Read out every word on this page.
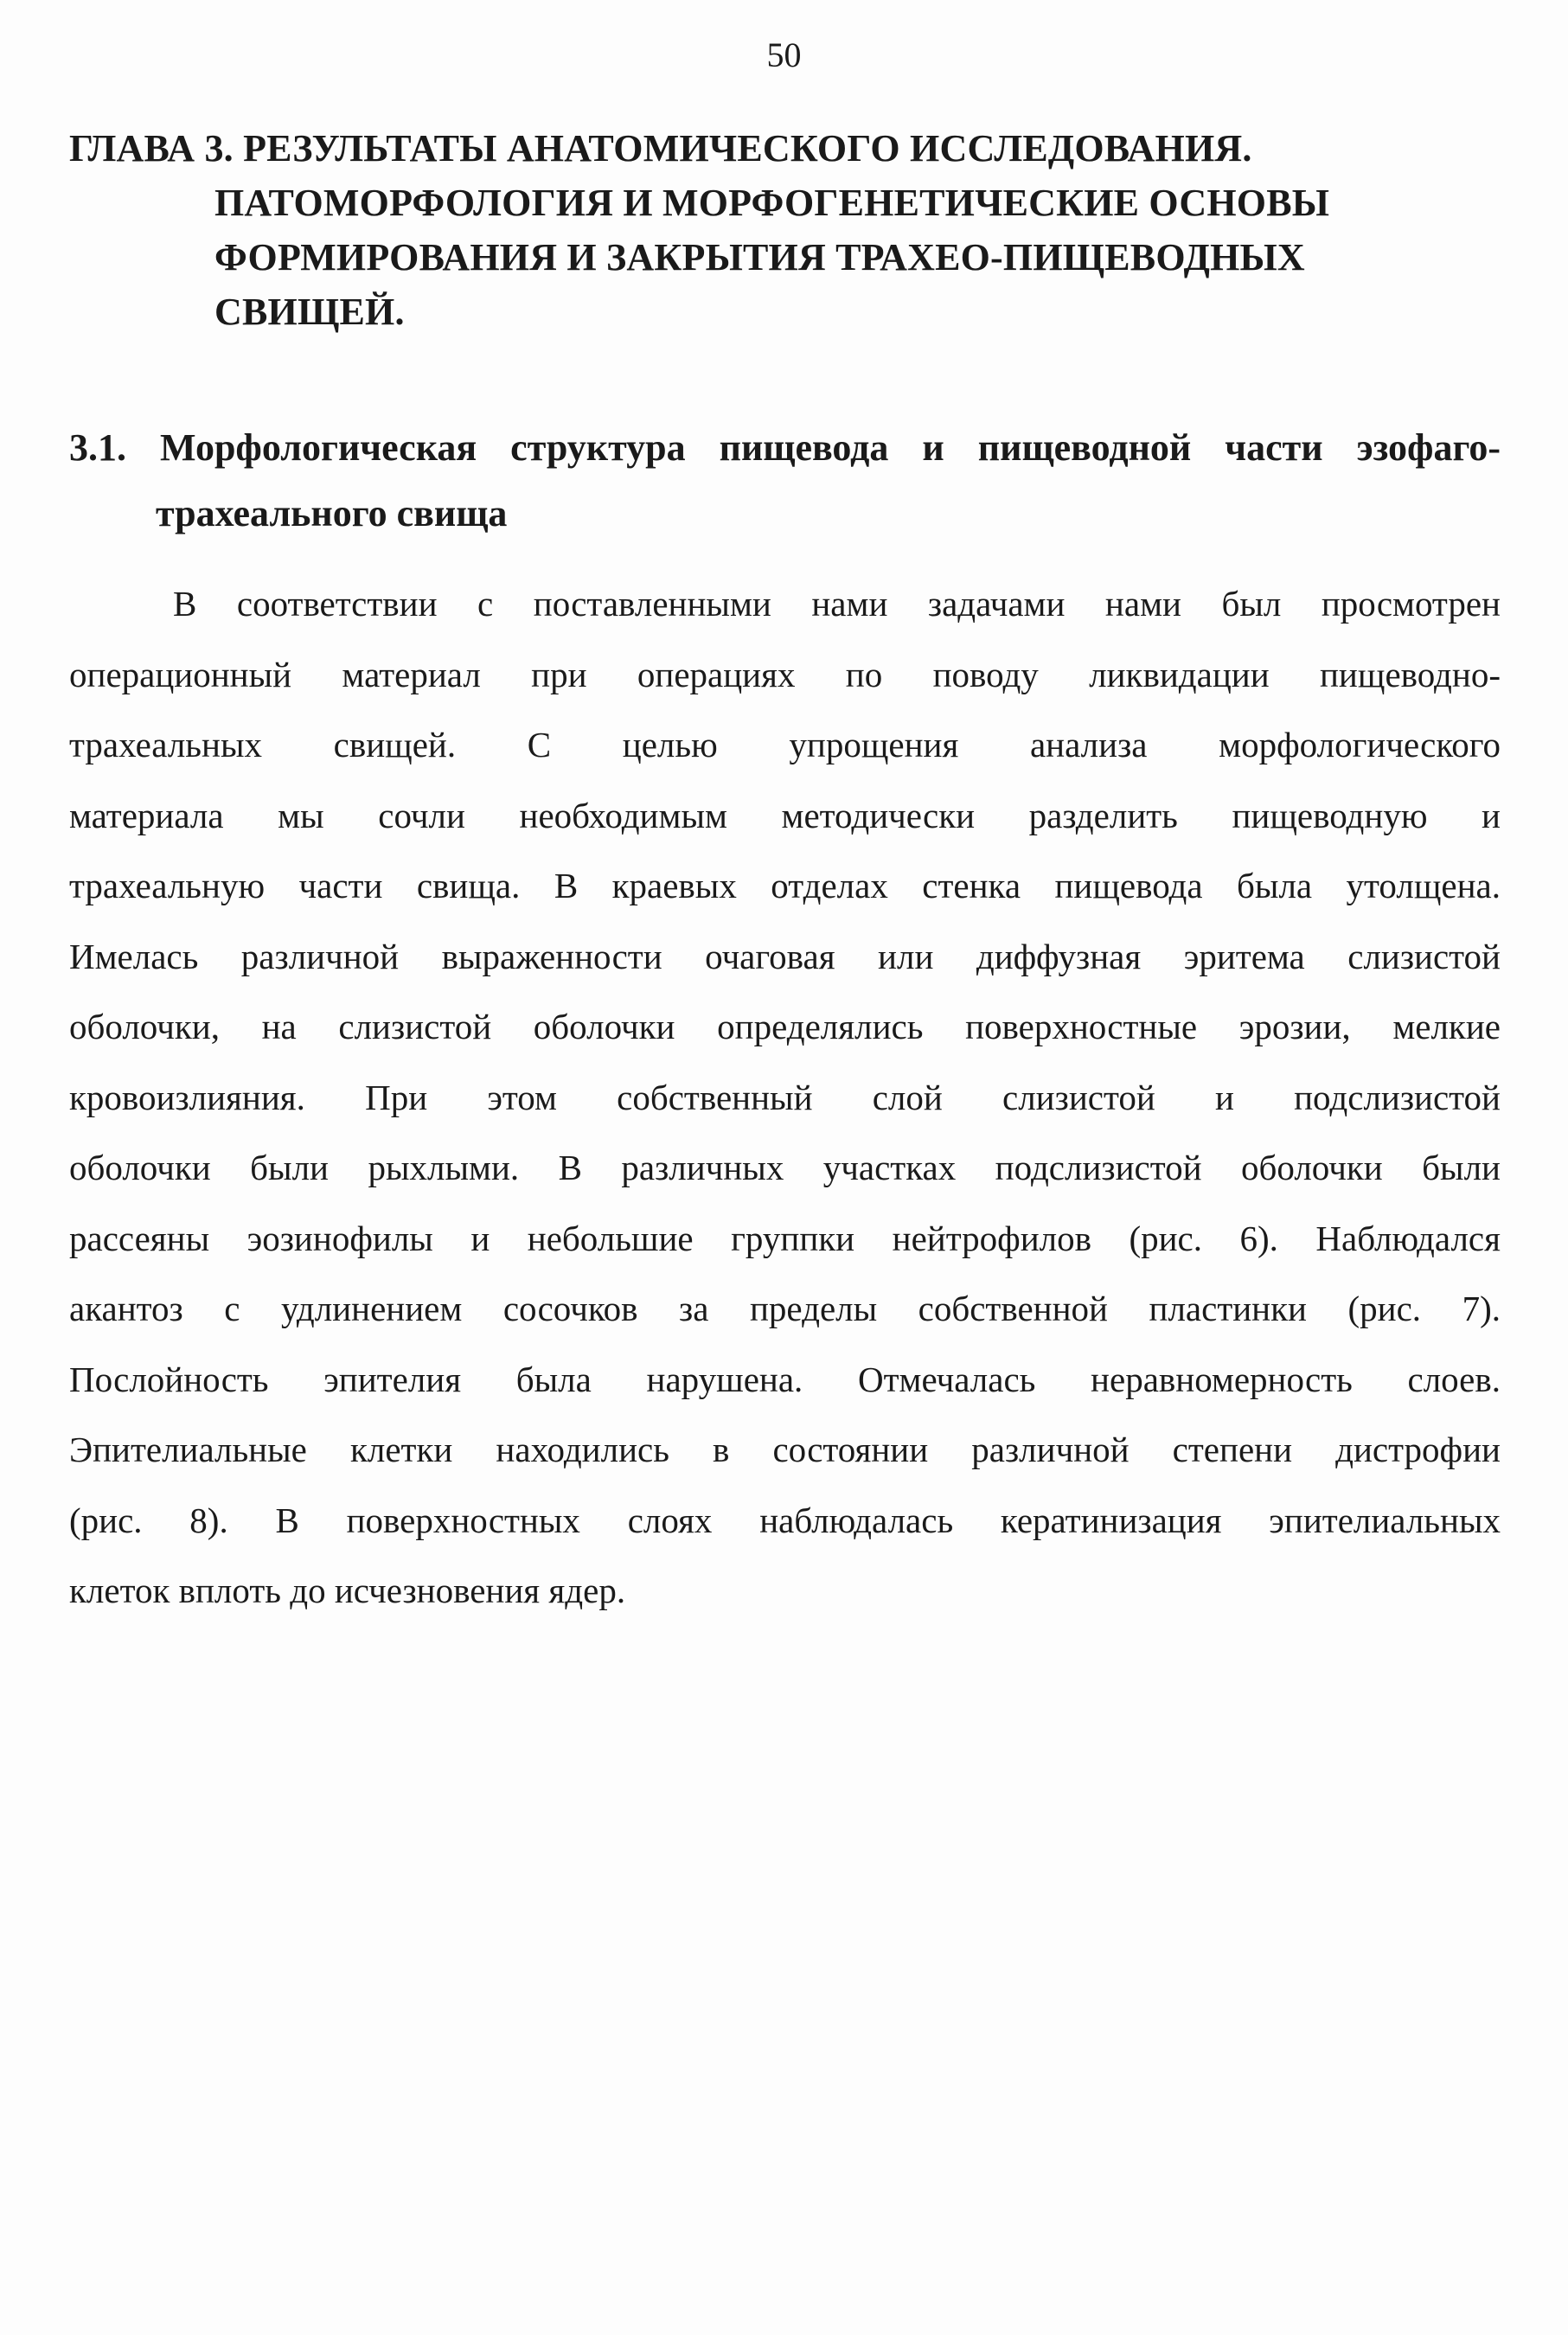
50
ГЛАВА 3. РЕЗУЛЬТАТЫ АНАТОМИЧЕСКОГО ИССЛЕДОВАНИЯ.
ПАТОМОРФОЛОГИЯ И МОРФОГЕНЕТИЧЕСКИЕ ОСНОВЫ
ФОРМИРОВАНИЯ И ЗАКРЫТИЯ ТРАХЕО-ПИЩЕВОДНЫХ
СВИЩЕЙ.
3.1. Морфологическая структура пищевода и пищеводной части эзофаго-
трахеального свища
В соответствии с поставленными нами задачами нами был просмотрен
операционный материал при операциях по поводу ликвидации пищеводно-
трахеальных свищей. С целью упрощения анализа морфологического
материала мы сочли необходимым методически разделить пищеводную и
трахеальную части свища. В краевых отделах стенка пищевода была утолщена.
Имелась различной выраженности очаговая или диффузная эритема слизистой
оболочки, на слизистой оболочки определялись поверхностные эрозии, мелкие
кровоизлияния. При этом собственный слой слизистой и подслизистой
оболочки были рыхлыми. В различных участках подслизистой оболочки были
рассеяны эозинофилы и небольшие группки нейтрофилов (рис. 6). Наблюдался
акантоз с удлинением сосочков за пределы собственной пластинки (рис. 7).
Послойность эпителия была нарушена. Отмечалась неравномерность слоев.
Эпителиальные клетки находились в состоянии различной степени дистрофии
(рис. 8). В поверхностных слоях наблюдалась кератинизация эпителиальных
клеток вплоть до исчезновения ядер.
